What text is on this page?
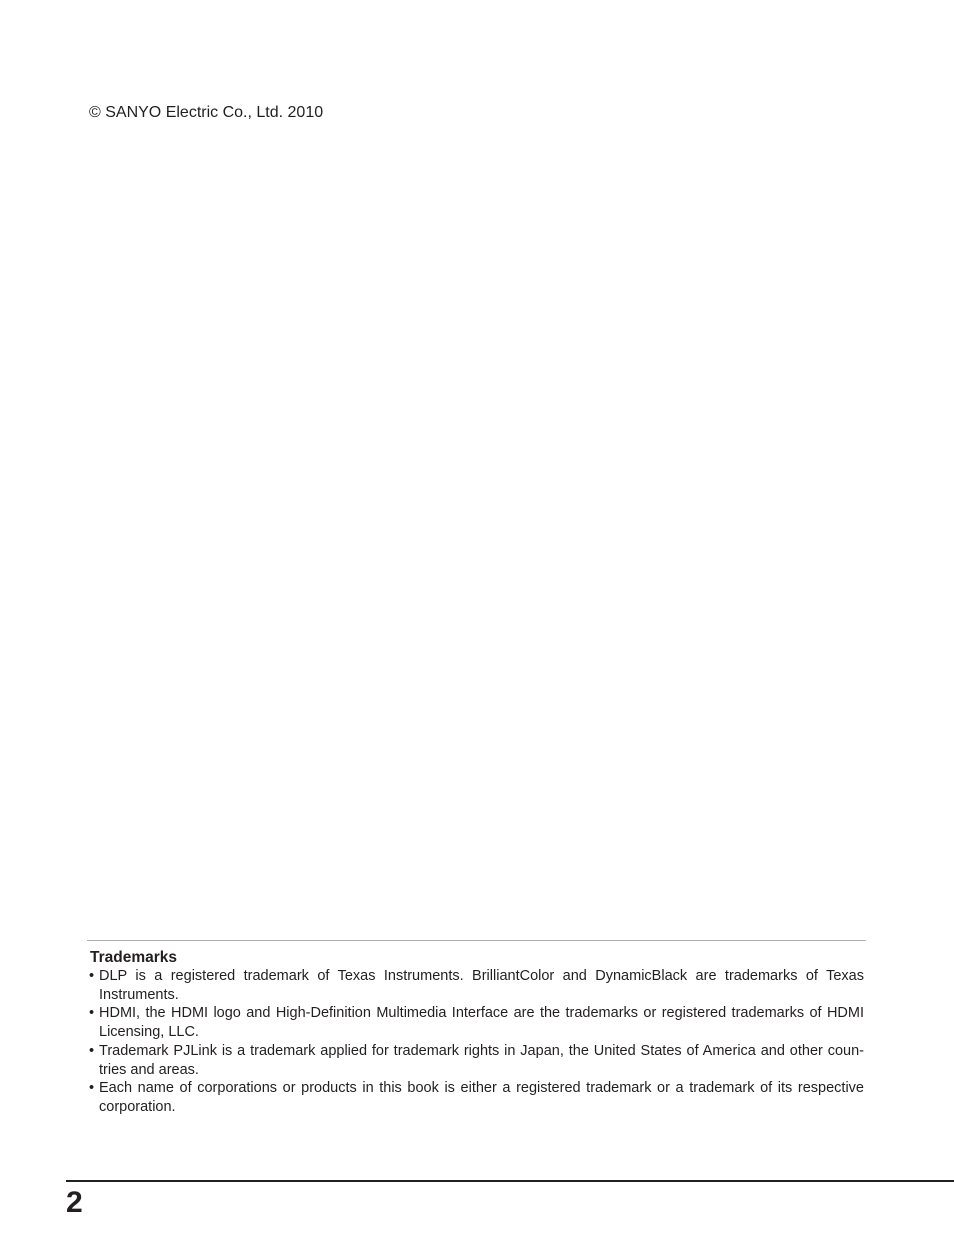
© SANYO Electric Co., Ltd. 2010
Trademarks
• DLP is a registered trademark of Texas Instruments. BrilliantColor and DynamicBlack are trademarks of Texas Instruments.
• HDMI, the HDMI logo and High-Definition Multimedia Interface are the trademarks or registered trademarks of HDMI Licensing, LLC.
• Trademark PJLink is a trademark applied for trademark rights in Japan, the United States of America and other coun-tries and areas.
• Each name of corporations or products in this book is either a registered trademark or a trademark of its respective corporation.
2
